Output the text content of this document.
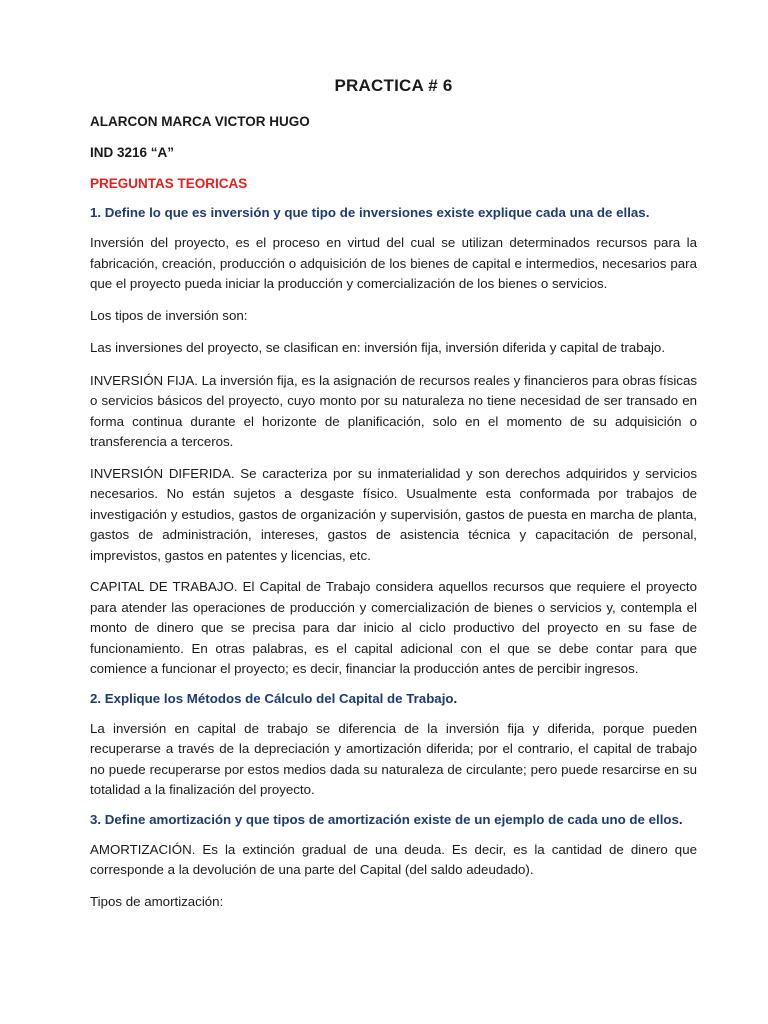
PRACTICA # 6
ALARCON MARCA VICTOR HUGO
IND 3216 “A”
PREGUNTAS TEORICAS
1. Define lo que es inversión y que tipo de inversiones existe explique cada una de ellas.

Inversión del proyecto, es el proceso en virtud del cual se utilizan determinados recursos para la fabricación, creación, producción o adquisición de los bienes de capital e intermedios, necesarios para que el proyecto pueda iniciar la producción y comercialización de los bienes o servicios.

Los tipos de inversión son:

Las inversiones del proyecto, se clasifican en: inversión fija, inversión diferida y capital de trabajo.

INVERSIÓN FIJA. La inversión fija, es la asignación de recursos reales y financieros para obras físicas o servicios básicos del proyecto, cuyo monto por su naturaleza no tiene necesidad de ser transado en forma continua durante el horizonte de planificación, solo en el momento de su adquisición o transferencia a terceros.

INVERSIÓN DIFERIDA. Se caracteriza por su inmaterialidad y son derechos adquiridos y servicios necesarios. No están sujetos a desgaste físico. Usualmente esta conformada por trabajos de investigación y estudios, gastos de organización y supervisión, gastos de puesta en marcha de planta, gastos de administración, intereses, gastos de asistencia técnica y capacitación de personal, imprevistos, gastos en patentes y licencias, etc.

CAPITAL DE TRABAJO. El Capital de Trabajo considera aquellos recursos que requiere el proyecto para atender las operaciones de producción y comercialización de bienes o servicios y, contempla el monto de dinero que se precisa para dar inicio al ciclo productivo del proyecto en su fase de funcionamiento. En otras palabras, es el capital adicional con el que se debe contar para que comience a funcionar el proyecto; es decir, financiar la producción antes de percibir ingresos.

2. Explique los Métodos de Cálculo del Capital de Trabajo.

La inversión en capital de trabajo se diferencia de la inversión fija y diferida, porque pueden recuperarse a través de la depreciación y amortización diferida; por el contrario, el capital de trabajo no puede recuperarse por estos medios dada su naturaleza de circulante; pero puede resarcirse en su totalidad a la finalización del proyecto.

3. Define amortización y que tipos de amortización existe de un ejemplo de cada uno de ellos.

AMORTIZACIÓN. Es la extinción gradual de una deuda. Es decir, es la cantidad de dinero que corresponde a la devolución de una parte del Capital (del saldo adeudado).

Tipos de amortización:
